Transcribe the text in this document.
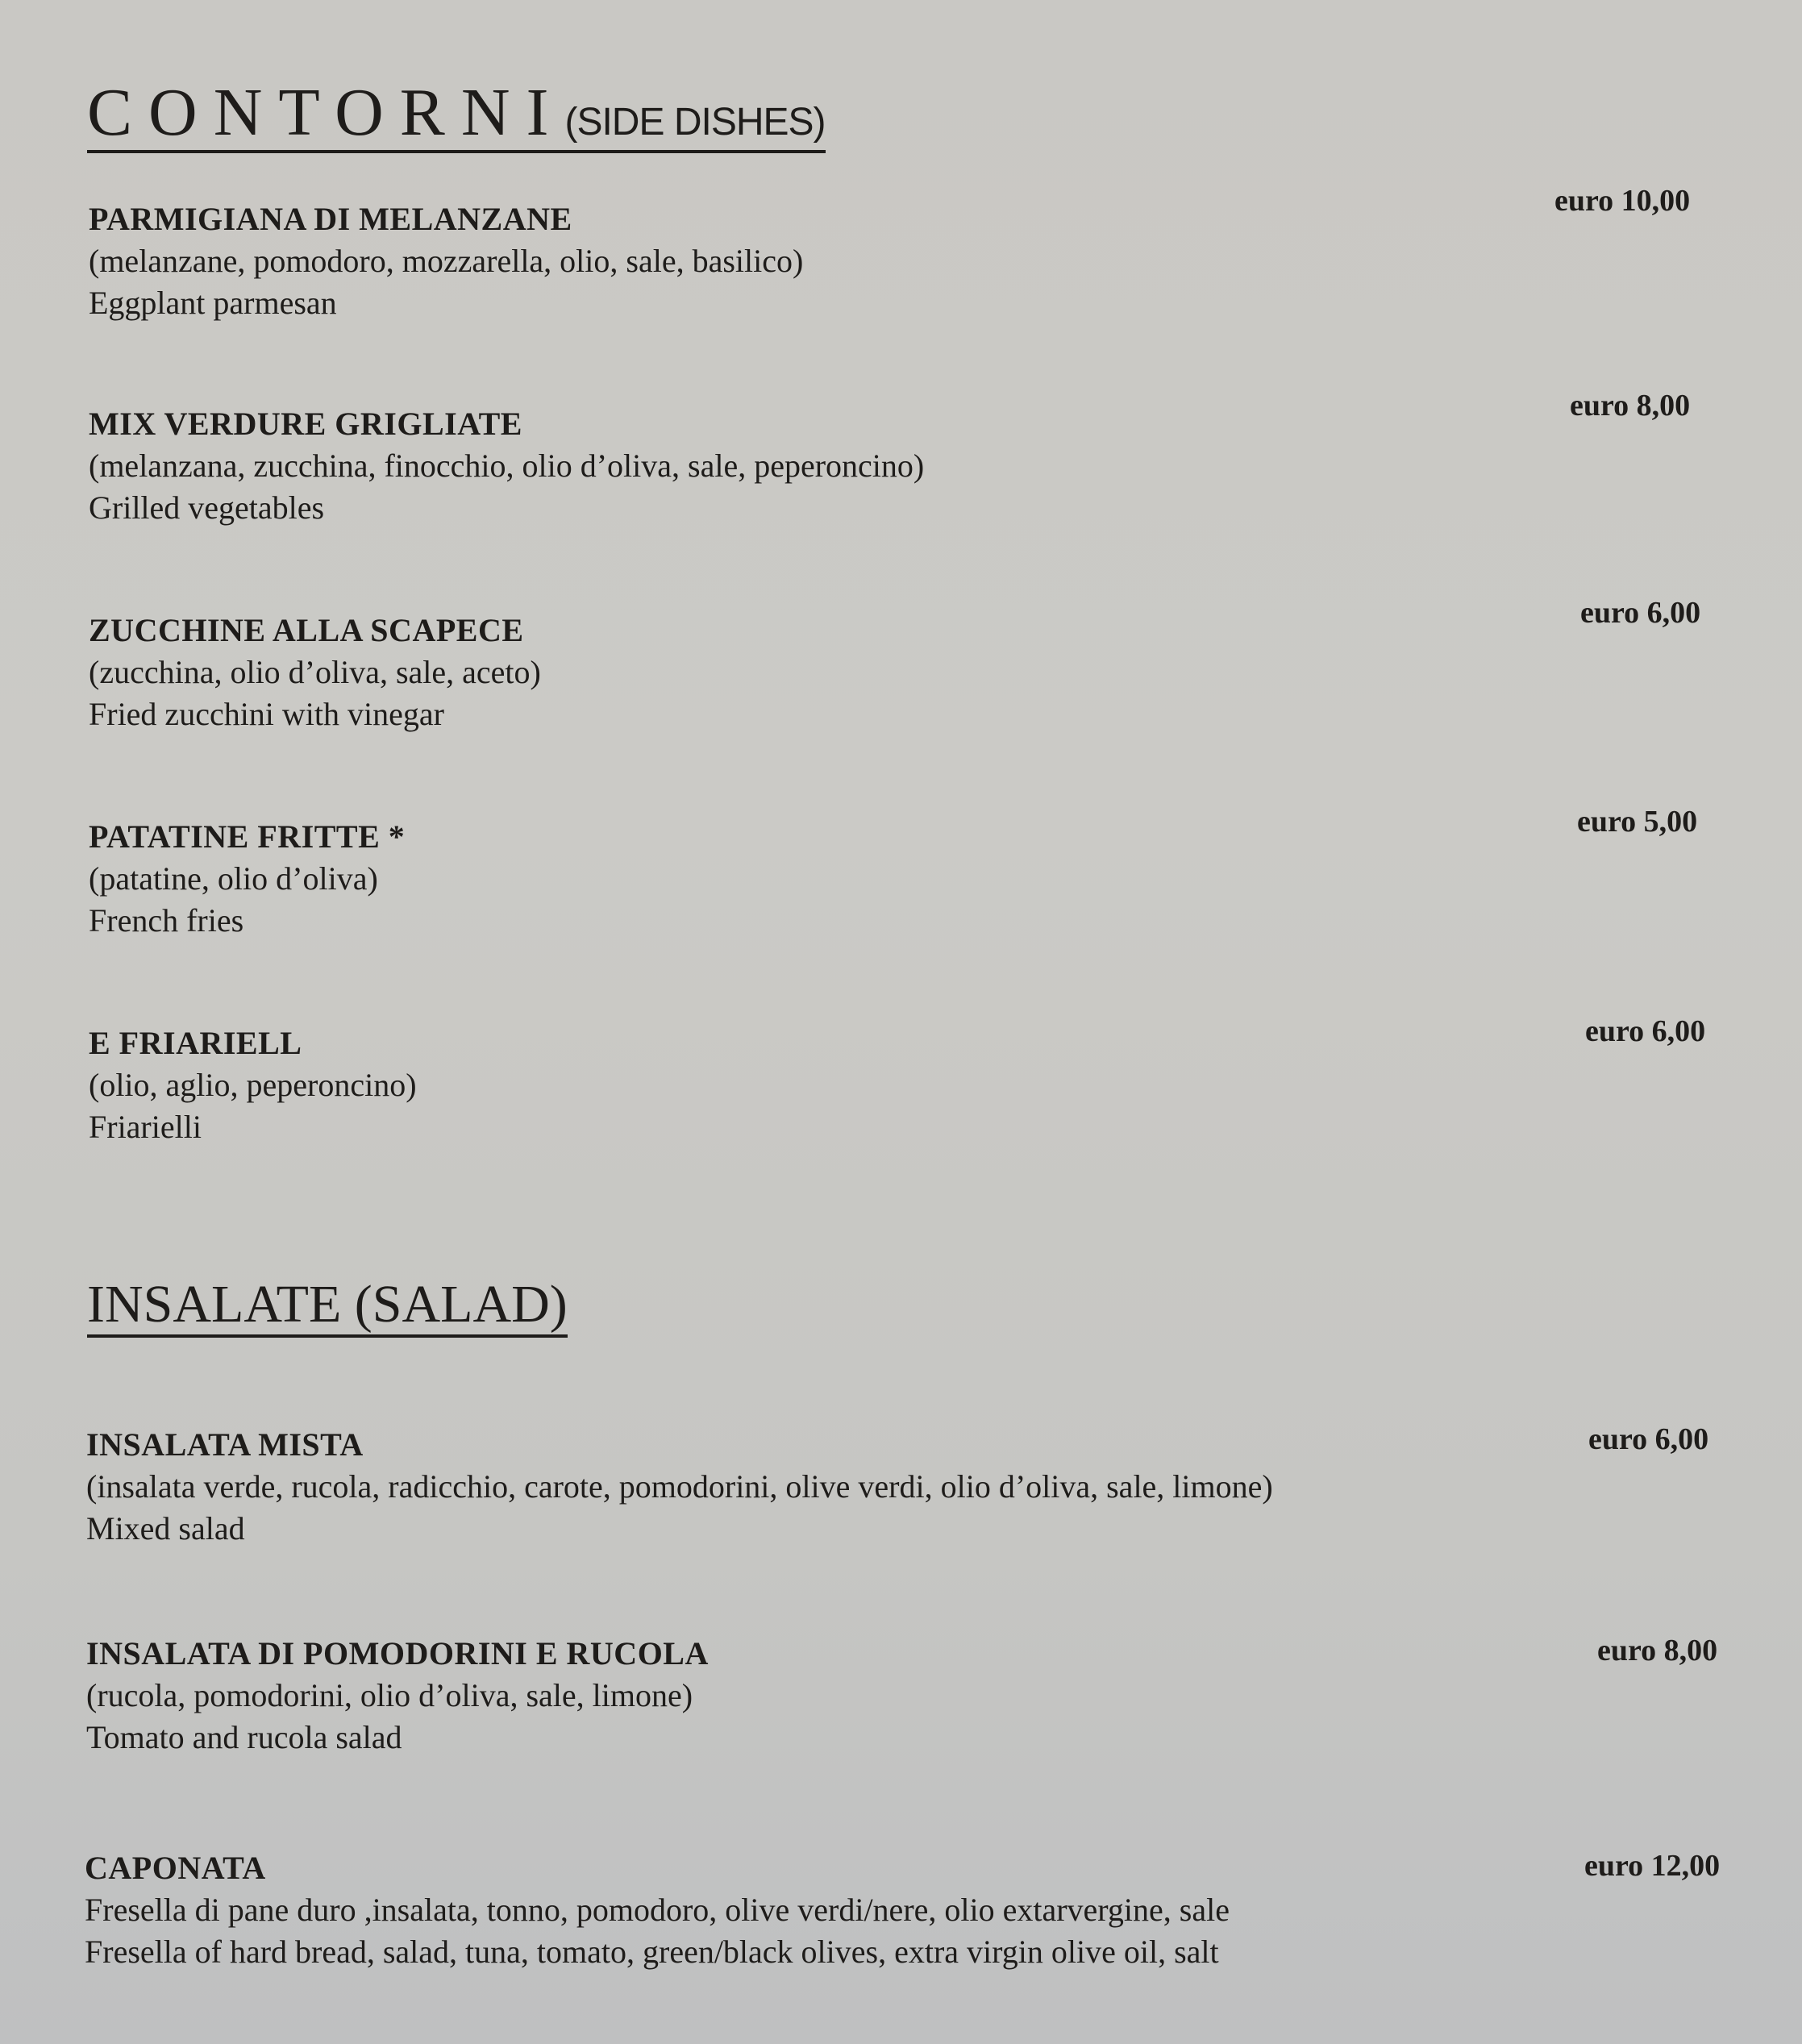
CONTORNI(SIDE DISHES)
PARMIGIANA DI MELANZANE
(melanzane, pomodoro, mozzarella, olio, sale, basilico)
Eggplant parmesan
euro 10,00
MIX VERDURE GRIGLIATE
(melanzana, zucchina, finocchio, olio d’oliva, sale, peperoncino)
Grilled vegetables
euro 8,00
ZUCCHINE ALLA SCAPECE
(zucchina, olio d’oliva, sale, aceto)
Fried zucchini with vinegar
euro 6,00
PATATINE FRITTE *
(patatine, olio d’oliva)
French fries
euro 5,00
E FRIARIELL
(olio, aglio, peperoncino)
Friarielli
euro 6,00
INSALATE (SALAD)
INSALATA MISTA
(insalata verde, rucola, radicchio, carote, pomodorini, olive verdi, olio d’oliva, sale, limone)
Mixed salad
euro 6,00
INSALATA DI POMODORINI E RUCOLA
(rucola, pomodorini, olio d’oliva, sale, limone)
Tomato and rucola salad
euro 8,00
CAPONATA
Fresella di pane duro ,insalata, tonno, pomodoro, olive verdi/nere, olio extarvergine, sale
Fresella of hard bread, salad, tuna, tomato, green/black olives, extra virgin olive oil, salt
euro 12,00
